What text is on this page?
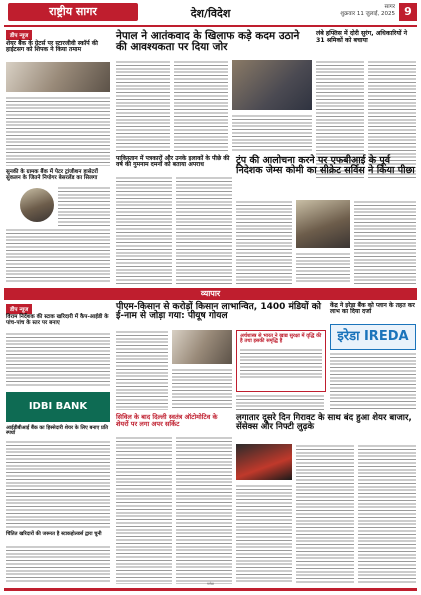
राष्ट्रीय सागर	देश/विदेश	सागर
शुक्रवार 11 जुलाई, 2025 9
डीप न्यूज
शेयर बैंक के ग्रेटर्स पर स्टारजीवी स्कॉर्प की हाईटसग को शिपक ने किया तमाम
सुनकी के ग्रामक बैंक में पेटर ट्रांजीशन हासेटरों सुकलन के जितने निपोगर बेसरलेंड का सिलगा
नेपाल ने आतंकवाद के खिलाफ कड़े कदम उठाने की आवश्यकता पर दिया जोर
लंबे हफ्तिस में दोरी सुरंग, अधिकारियों ने 31 श्रमिकों को बचाया
पाकिस्तान में पत्रकारों और उनके इलाकों के पीछे की वर्ष की गुमनाम दमनों को बताया अपराध	ट्रंप की आलोचना करने पर एफबीआई के पूर्व निदेशक जेम्स कोमी का सीक्रेट सर्विस ने किया पीछा
व्यापार
डीप न्यूज
विराम निर्देशक की स्टाक खरिदारी में कैप-आईडी के पांच-पांच के स्तर पर बनाए
IDBI BANK
आईडीबीआई बैंक का हिस्सेदारी शेयर के लिए बनाए प्रति स्पर्धा
चिंतित खरिदारों की जरूरत है स्टाकहोल्डर्स द्वारा चुनी
पीएम-किसान से करोड़ों किसान लाभान्वित, 1400 मंडियों को ई-नाम से जोड़ा गया: पीयूष गोयल
अर्थशास्त्र से भारत ने खाद्य सुरक्षा में वृद्धि की है तथा इसकी समृद्धि है
सिविल के बाद दिल्ली स्वतंत्र ऑटोमोटिव के शेयरों पर लगा अपर सर्किट
लगातार दूसरे दिन गिरावट के साथ बंद हुआ शेयर बाजार, सेंसेक्स और निफ्टी लुढ़के
केंद्र ने इरेडा बैंक को प्लान के तहत कर लाभ का दिया दर्जा
इरेडा IREDA
गणेश
